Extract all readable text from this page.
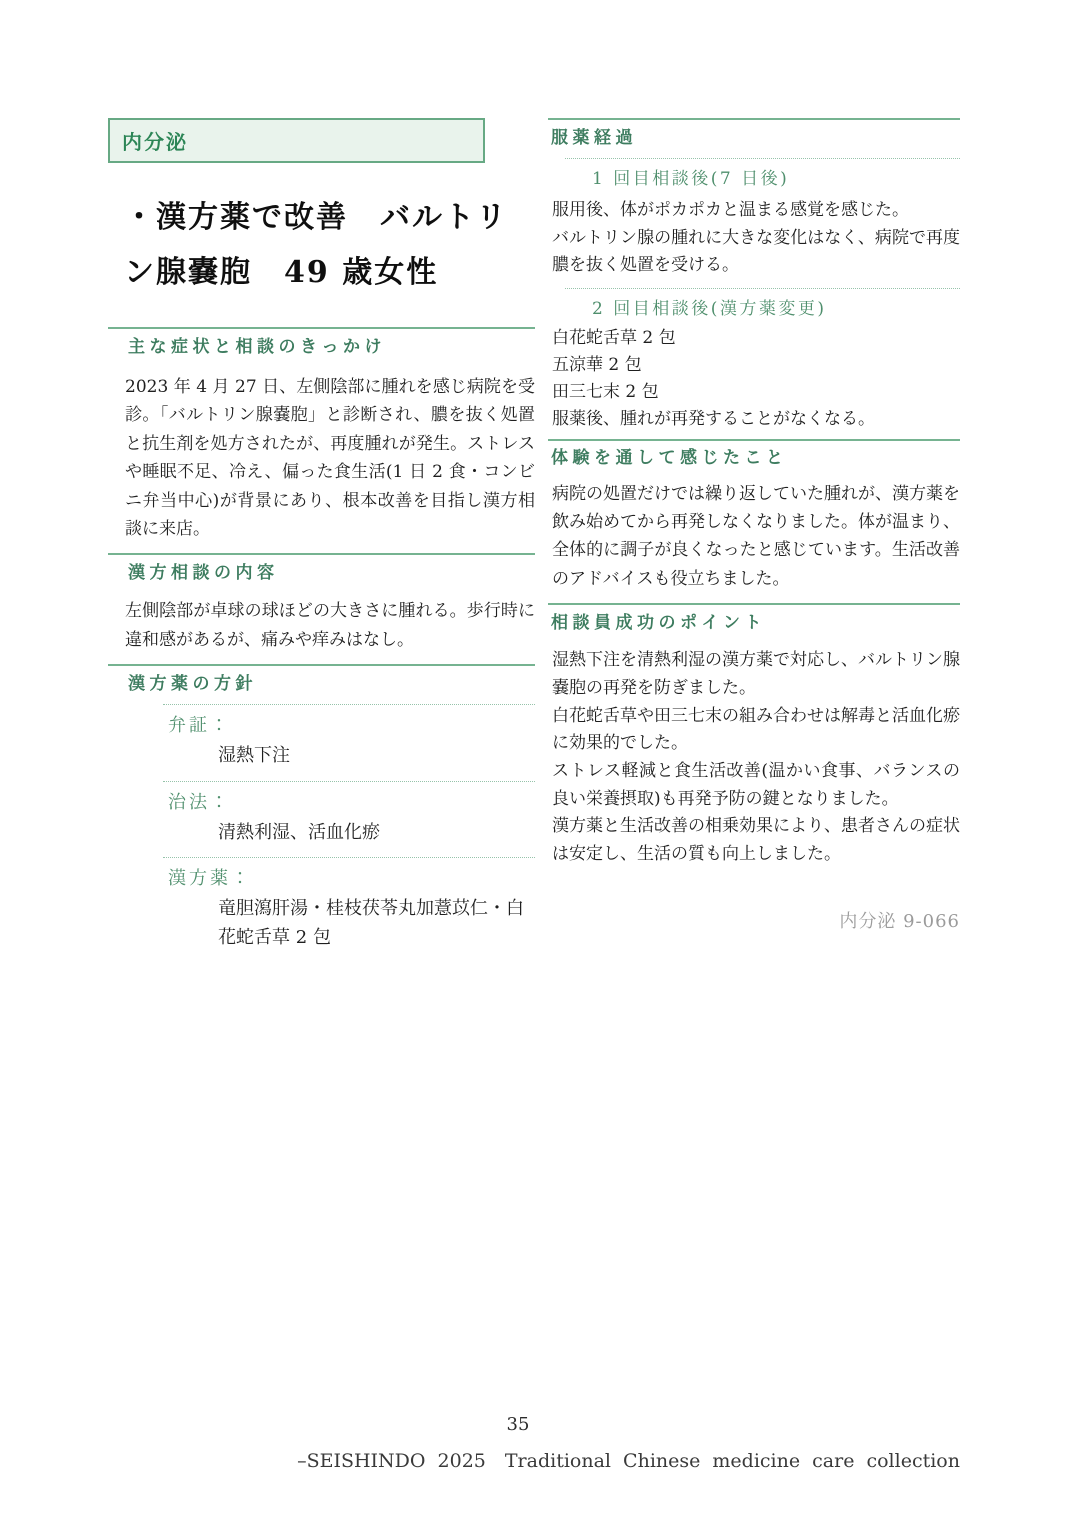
内分泌
・漢方薬で改善　バルトリ
ン腺嚢胞　49 歳女性
主な症状と相談のきっかけ

2023 年 4 月 27 日、左側陰部に腫れを感じ病院を受診。「バルトリン腺嚢胞」と診断され、膿を抜く処置と抗生剤を処方されたが、再度腫れが発生。ストレスや睡眠不足、冷え、偏った食生活(1 日 2 食・コンビニ弁当中心)が背景にあり、根本改善を目指し漢方相談に来店。

漢方相談の内容

左側陰部が卓球の球ほどの大きさに腫れる。歩行時に違和感があるが、痛みや痒みはなし。

漢方薬の方針

弁証：

湿熱下注

治法：

清熱利湿、活血化瘀

漢方薬：

竜胆瀉肝湯・桂枝茯苓丸加薏苡仁・白花蛇舌草 2 包

服薬経過

1 回目相談後(7 日後)

服用後、体がポカポカと温まる感覚を感じた。

バルトリン腺の腫れに大きな変化はなく、病院で再度膿を抜く処置を受ける。

2 回目相談後(漢方薬変更)

白花蛇舌草 2 包

五涼華 2 包

田三七末 2 包

服薬後、腫れが再発することがなくなる。

体験を通して感じたこと

病院の処置だけでは繰り返していた腫れが、漢方薬を飲み始めてから再発しなくなりました。体が温まり、全体的に調子が良くなったと感じています。生活改善のアドバイスも役立ちました。

相談員成功のポイント

湿熱下注を清熱利湿の漢方薬で対応し、バルトリン腺嚢胞の再発を防ぎました。

白花蛇舌草や田三七末の組み合わせは解毒と活血化瘀に効果的でした。

ストレス軽減と食生活改善(温かい食事、バランスの良い栄養摂取)も再発予防の鍵となりました。

漢方薬と生活改善の相乗効果により、患者さんの症状は安定し、生活の質も向上しました。

内分泌 9-066
35
–SEISHINDO 2025　Traditional Chinese medicine care collection
